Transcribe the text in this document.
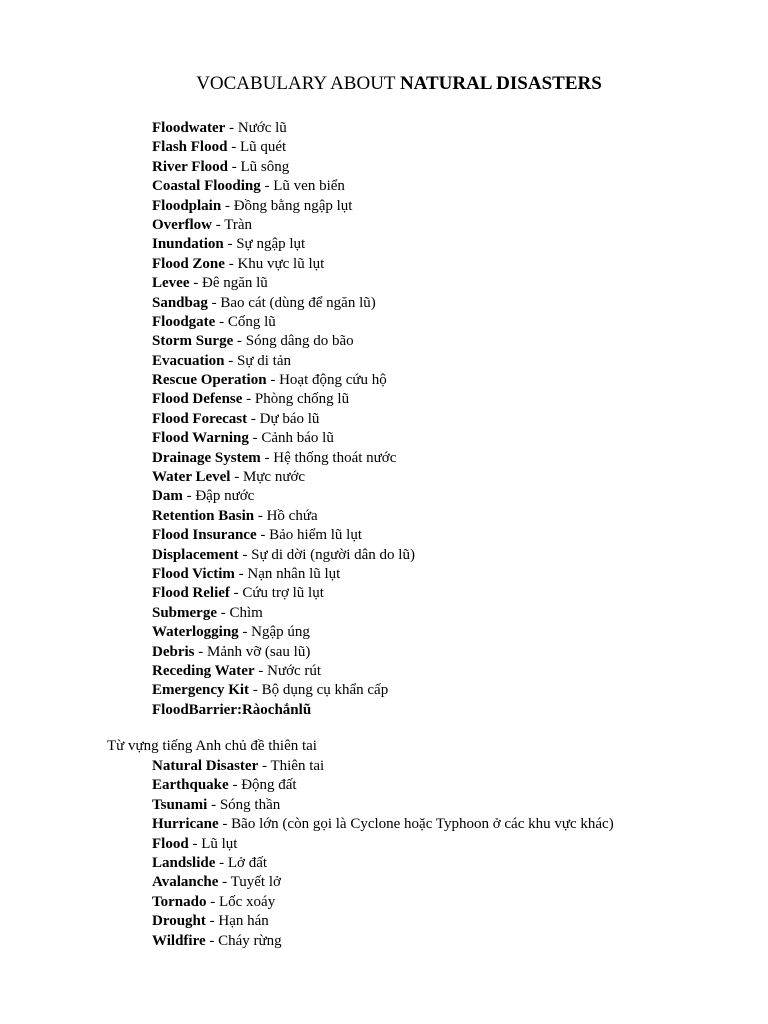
VOCABULARY ABOUT NATURAL DISASTERS
Floodwater - Nước lũ
Flash Flood - Lũ quét
River Flood - Lũ sông
Coastal Flooding - Lũ ven biển
Floodplain - Đồng bằng ngập lụt
Overflow - Tràn
Inundation - Sự ngập lụt
Flood Zone - Khu vực lũ lụt
Levee - Đê ngăn lũ
Sandbag - Bao cát (dùng để ngăn lũ)
Floodgate - Cống lũ
Storm Surge - Sóng dâng do bão
Evacuation - Sự di tản
Rescue Operation - Hoạt động cứu hộ
Flood Defense - Phòng chống lũ
Flood Forecast - Dự báo lũ
Flood Warning - Cảnh báo lũ
Drainage System - Hệ thống thoát nước
Water Level - Mực nước
Dam - Đập nước
Retention Basin - Hồ chứa
Flood Insurance - Bảo hiểm lũ lụt
Displacement - Sự di dời (người dân do lũ)
Flood Victim - Nạn nhân lũ lụt
Flood Relief - Cứu trợ lũ lụt
Submerge - Chìm
Waterlogging - Ngập úng
Debris - Mảnh vỡ (sau lũ)
Receding Water - Nước rút
Emergency Kit - Bộ dụng cụ khẩn cấp
FloodBarrier:Ràochắnlũ
Từ vựng tiếng Anh chủ đề thiên tai
Natural Disaster - Thiên tai
Earthquake - Động đất
Tsunami - Sóng thần
Hurricane - Bão lớn (còn gọi là Cyclone hoặc Typhoon ở các khu vực khác)
Flood - Lũ lụt
Landslide - Lở đất
Avalanche - Tuyết lở
Tornado - Lốc xoáy
Drought - Hạn hán
Wildfire - Cháy rừng
